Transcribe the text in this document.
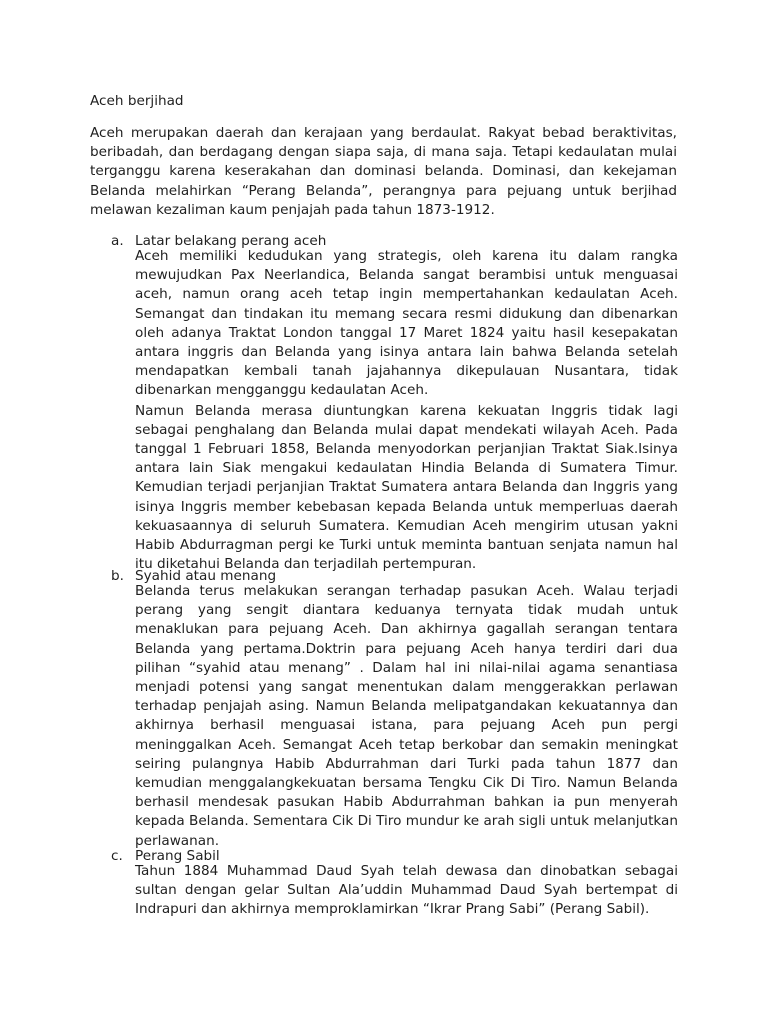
Aceh berjihad

Aceh merupakan daerah dan kerajaan yang berdaulat. Rakyat bebad beraktivitas, beribadah, dan berdagang dengan siapa saja, di mana saja. Tetapi kedaulatan mulai terganggu karena keserakahan dan dominasi belanda. Dominasi, dan kekejaman Belanda melahirkan “Perang Belanda”, perangnya para pejuang untuk berjihad melawan kezaliman kaum penjajah pada tahun 1873-1912.

a. Latar belakang perang aceh

Aceh memiliki kedudukan yang strategis, oleh karena itu dalam rangka mewujudkan Pax Neerlandica, Belanda sangat berambisi untuk menguasai aceh, namun orang aceh tetap ingin mempertahankan kedaulatan Aceh. Semangat dan tindakan itu memang secara resmi didukung dan dibenarkan oleh adanya Traktat London tanggal 17 Maret 1824 yaitu hasil kesepakatan antara inggris dan Belanda yang isinya antara lain bahwa Belanda setelah mendapatkan kembali tanah jajahannya dikepulauan Nusantara, tidak dibenarkan mengganggu kedaulatan Aceh.

Namun Belanda merasa diuntungkan karena kekuatan Inggris tidak lagi sebagai penghalang dan Belanda mulai dapat mendekati wilayah Aceh. Pada tanggal 1 Februari 1858, Belanda menyodorkan perjanjian Traktat Siak.Isinya antara lain Siak mengakui kedaulatan Hindia Belanda di Sumatera Timur. Kemudian terjadi perjanjian Traktat Sumatera antara Belanda dan Inggris yang isinya Inggris member kebebasan kepada Belanda untuk memperluas daerah kekuasaannya di seluruh Sumatera. Kemudian Aceh mengirim utusan yakni Habib Abdurragman pergi ke Turki untuk meminta bantuan senjata namun hal itu diketahui Belanda dan terjadilah pertempuran.

b. Syahid atau menang

Belanda terus melakukan serangan terhadap pasukan Aceh. Walau terjadi perang yang sengit diantara keduanya ternyata tidak mudah untuk menaklukan para pejuang Aceh. Dan akhirnya gagallah serangan tentara Belanda yang pertama.Doktrin para pejuang Aceh hanya terdiri dari dua pilihan “syahid atau menang” . Dalam hal ini nilai-nilai agama senantiasa menjadi potensi yang sangat menentukan dalam menggerakkan perlawan terhadap penjajah asing. Namun Belanda melipatgandakan kekuatannya dan akhirnya berhasil menguasai istana, para pejuang Aceh pun pergi meninggalkan Aceh. Semangat Aceh tetap berkobar dan semakin meningkat seiring pulangnya Habib Abdurrahman dari Turki pada tahun 1877 dan kemudian menggalangkekuatan bersama Tengku Cik Di Tiro. Namun Belanda berhasil mendesak pasukan Habib Abdurrahman bahkan ia pun menyerah kepada Belanda. Sementara Cik Di Tiro mundur ke arah sigli untuk melanjutkan perlawanan.

c. Perang Sabil

Tahun 1884 Muhammad Daud Syah telah dewasa dan dinobatkan sebagai sultan dengan gelar Sultan Ala’uddin Muhammad Daud Syah bertempat di Indrapuri dan akhirnya memproklamirkan “Ikrar Prang Sabi” (Perang Sabil).
